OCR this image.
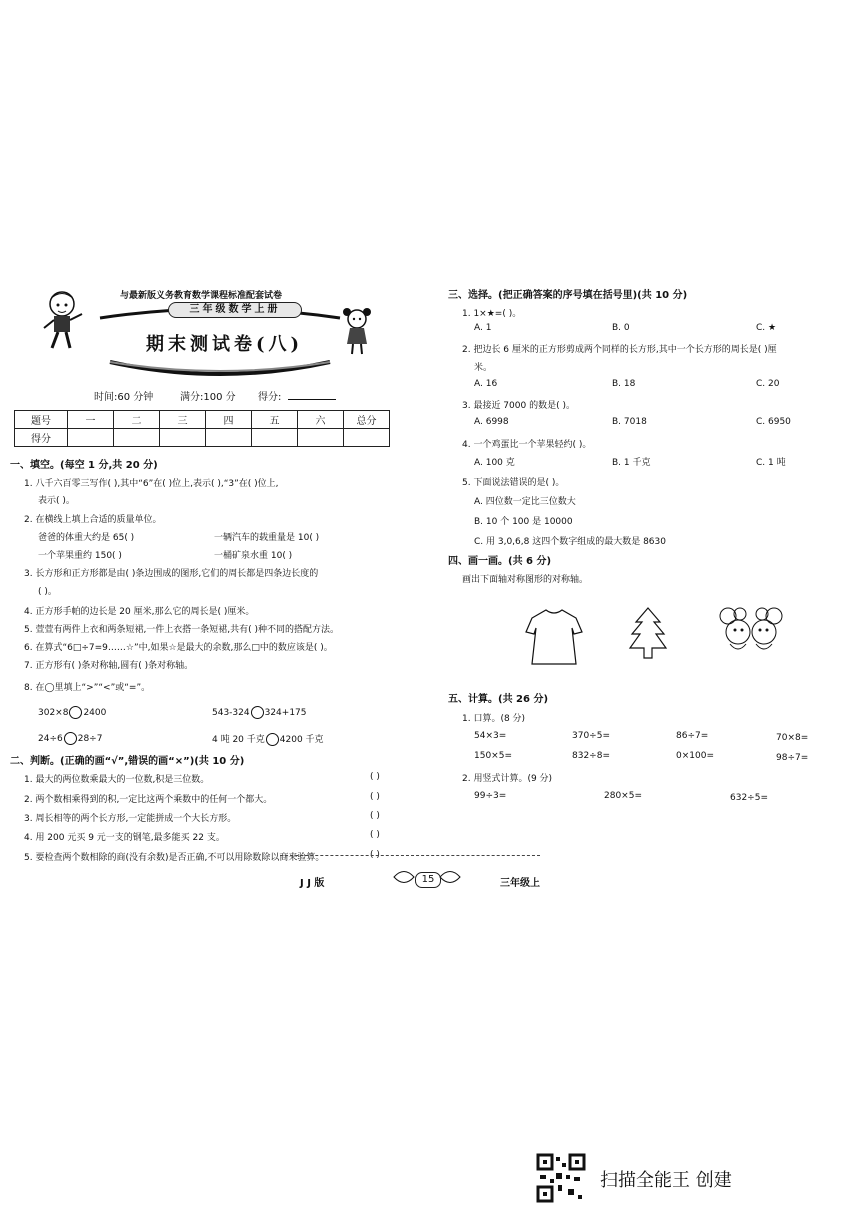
与最新版义务教育数学课程标准配套试卷
三年级数学上册
期末测试卷(八)
时间:60 分钟	满分:100 分 得分:
题号	一	二	三	四	五	六	总分
得分							
一、填空。(每空 1 分,共 20 分)
1. 八千六百零三写作( ),其中“6”在( )位上,表示( ),“3”在( )位上,
表示( )。
2. 在横线上填上合适的质量单位。
爸爸的体重大约是 65( )	一辆汽车的载重量是 10( )
一个苹果重约 150( )	一桶矿泉水重 10( )
3. 长方形和正方形都是由( )条边围成的图形,它们的周长都是四条边长度的
( )。
4. 正方形手帕的边长是 20 厘米,那么它的周长是( )厘米。
5. 萱萱有两件上衣和两条短裙,一件上衣搭一条短裙,共有( )种不同的搭配方法。
6. 在算式“6□÷7=9……☆”中,如果☆是最大的余数,那么□中的数应该是( )。
7. 正方形有( )条对称轴,圆有( )条对称轴。
8. 在◯里填上“>”“<”或“=”。
302×8 2400	543-324 324+175
24÷6 28÷7	4 吨 20 千克 4200 千克
二、判断。(正确的画“√”,错误的画“×”)(共 10 分)
1. 最大的两位数乘最大的一位数,积是三位数。	( )
2. 两个数相乘得到的积,一定比这两个乘数中的任何一个都大。	( )
3. 周长相等的两个长方形,一定能拼成一个大长方形。	( )
4. 用 200 元买 9 元一支的钢笔,最多能买 22 支。	( )
5. 要检查两个数相除的商(没有余数)是否正确,不可以用除数除以商来验算。	( )
三、选择。(把正确答案的序号填在括号里)(共 10 分)
1. 1×★=( )。
A. 1	B. 0	C. ★
2. 把边长 6 厘米的正方形剪成两个同样的长方形,其中一个长方形的周长是( )厘
米。
A. 16	B. 18	C. 20
3. 最接近 7000 的数是( )。
A. 6998	B. 7018	C. 6950
4. 一个鸡蛋比一个苹果轻约( )。
A. 100 克	B. 1 千克	C. 1 吨
5. 下面说法错误的是( )。
A. 四位数一定比三位数大
B. 10 个 100 是 10000
C. 用 3,0,6,8 这四个数字组成的最大数是 8630
四、画一画。(共 6 分)
画出下面轴对称图形的对称轴。
五、计算。(共 26 分)
1. 口算。(8 分)
54×3=	370÷5=	86÷7=	70×8=
150×5=	832÷8=	0×100=	98÷7=
2. 用竖式计算。(9 分)
99÷3=	280×5=	632÷5=
J J 版	15	三年级上
扫描全能王 创建
